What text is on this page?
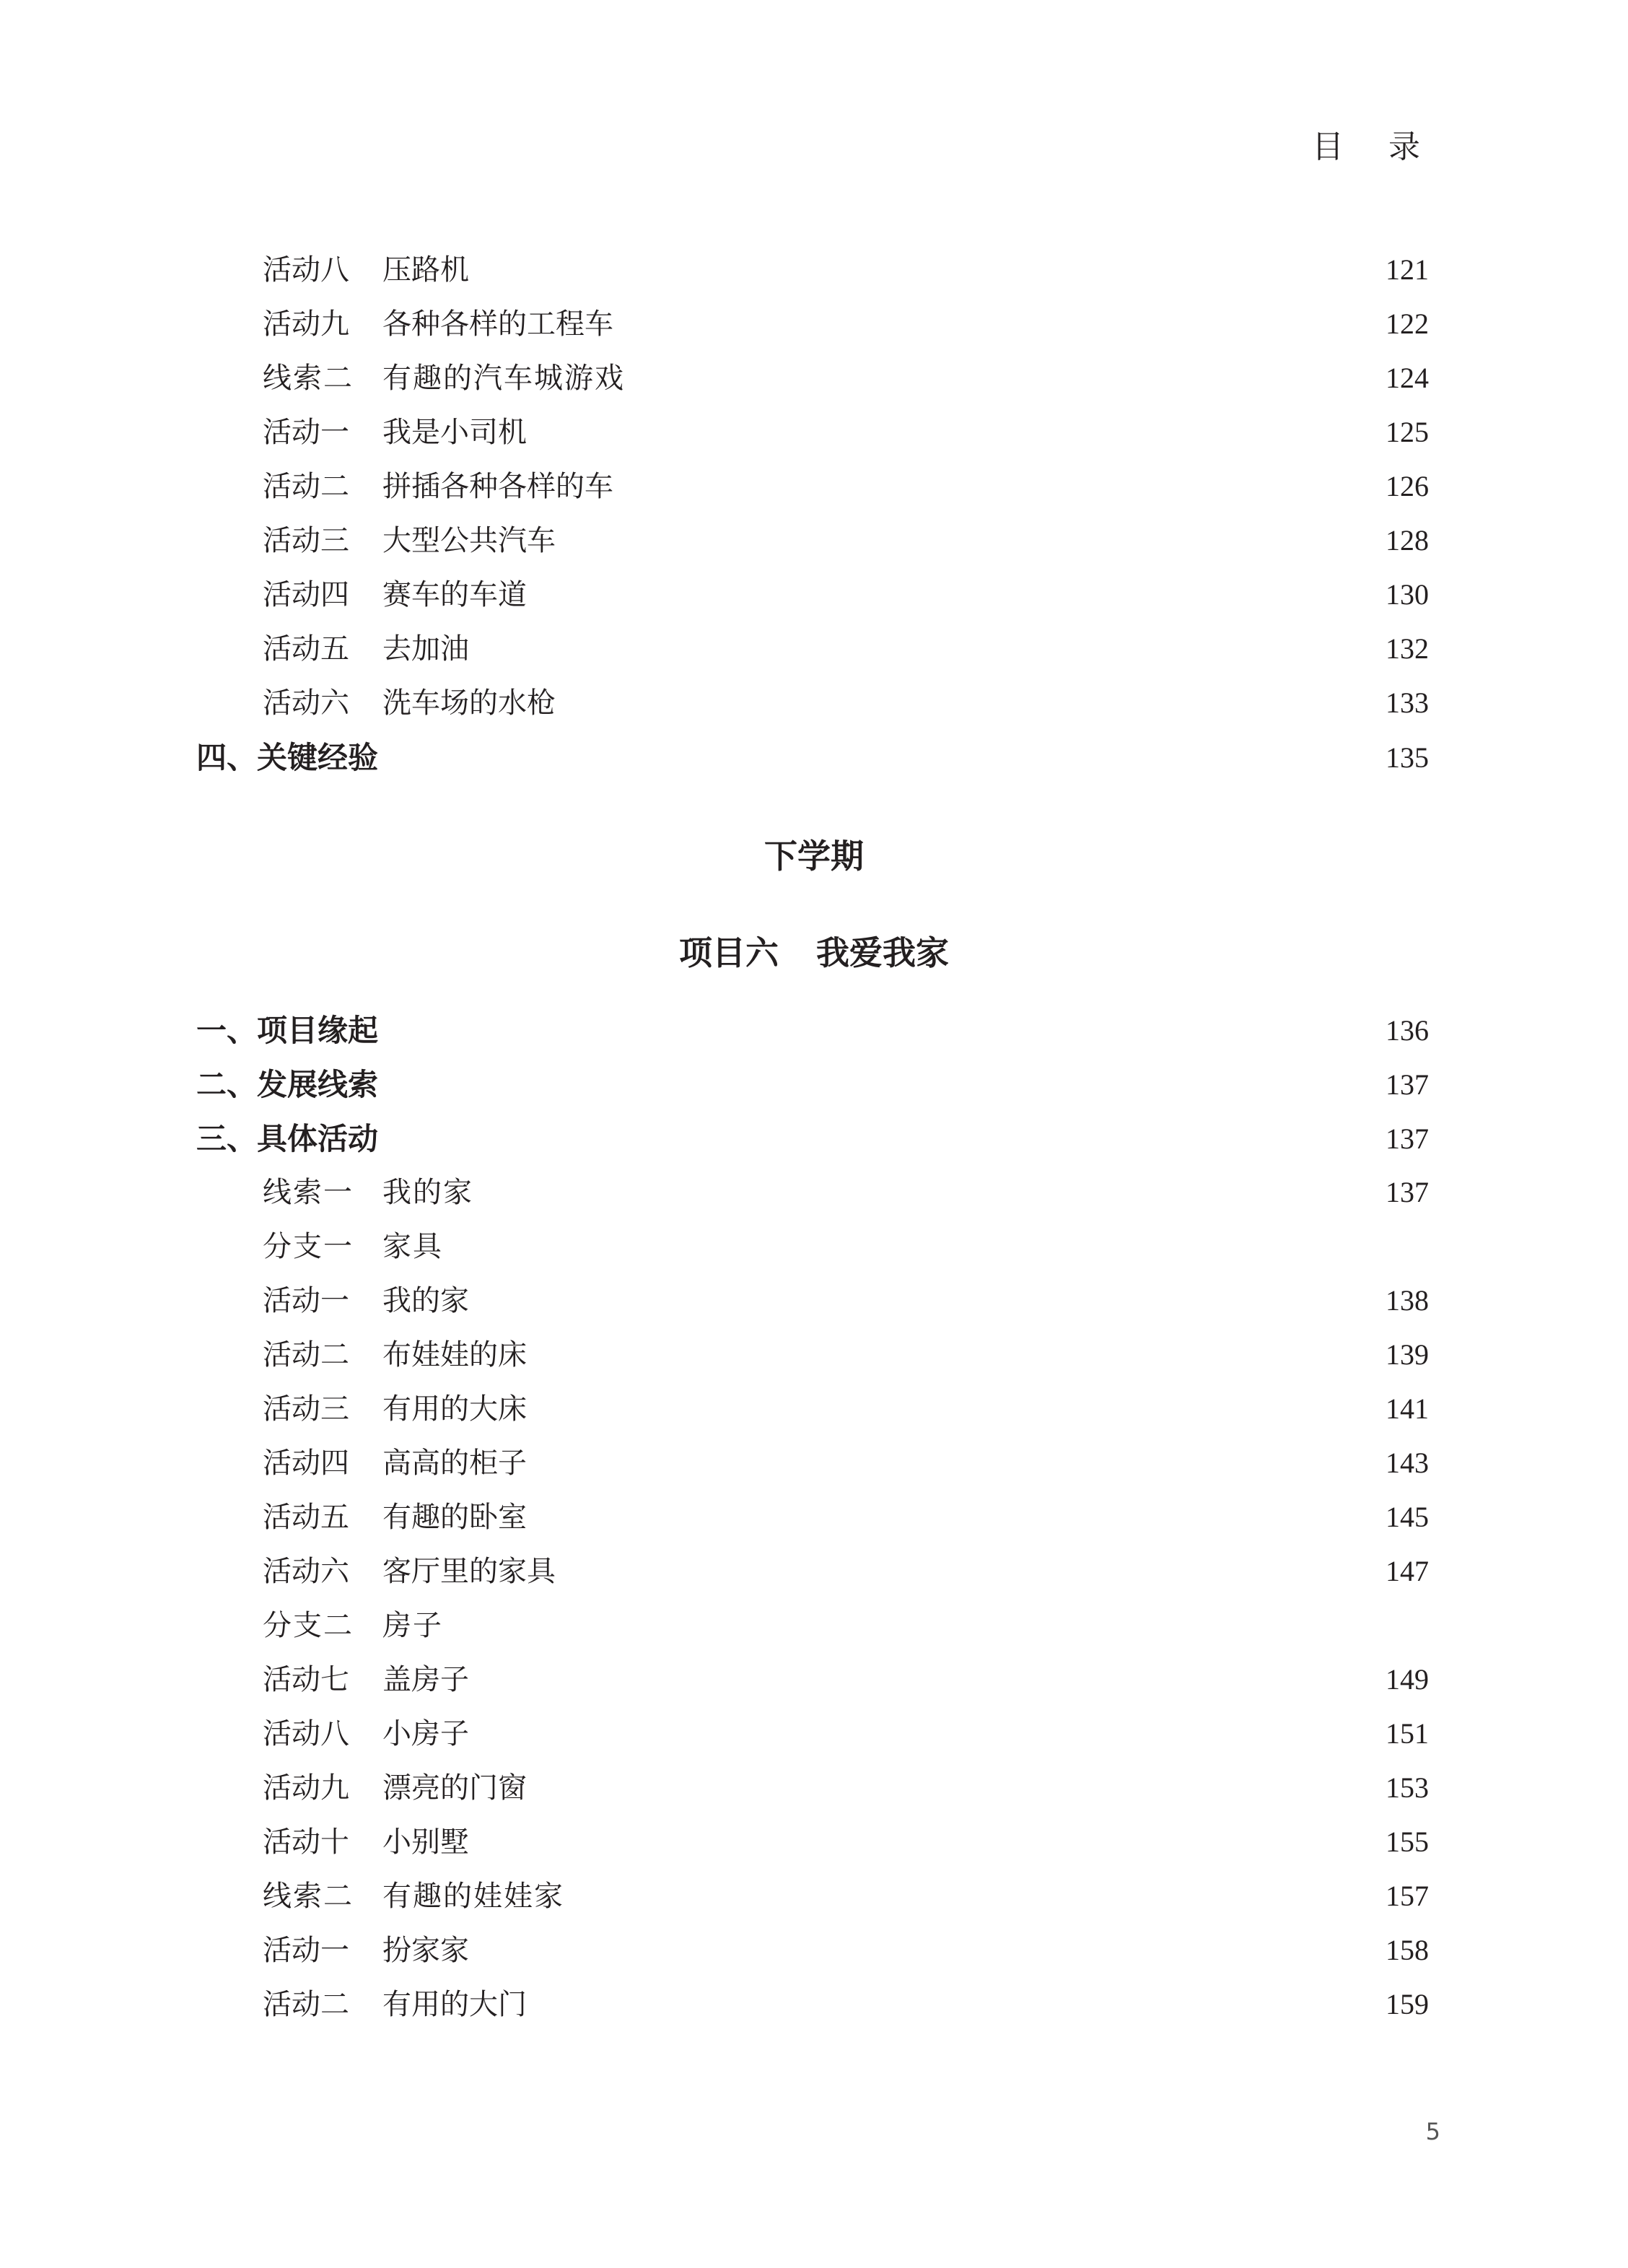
目 录
活动八 压路机	121
活动九 各种各样的工程车	122
线索二 有趣的汽车城游戏	124
活动一 我是小司机	125
活动二 拼插各种各样的车	126
活动三 大型公共汽车	128
活动四 赛车的车道	130
活动五 去加油	132
活动六 洗车场的水枪	133
四、关键经验	135
下学期
项目六 我爱我家
一、项目缘起	136
二、发展线索	137
三、具体活动	137
线索一 我的家	137
分支一 家具
活动一 我的家	138
活动二 布娃娃的床	139
活动三 有用的大床	141
活动四 高高的柜子	143
活动五 有趣的卧室	145
活动六 客厅里的家具	147
分支二 房子
活动七 盖房子	149
活动八 小房子	151
活动九 漂亮的门窗	153
活动十 小别墅	155
线索二 有趣的娃娃家	157
活动一 扮家家	158
活动二 有用的大门	159
5
